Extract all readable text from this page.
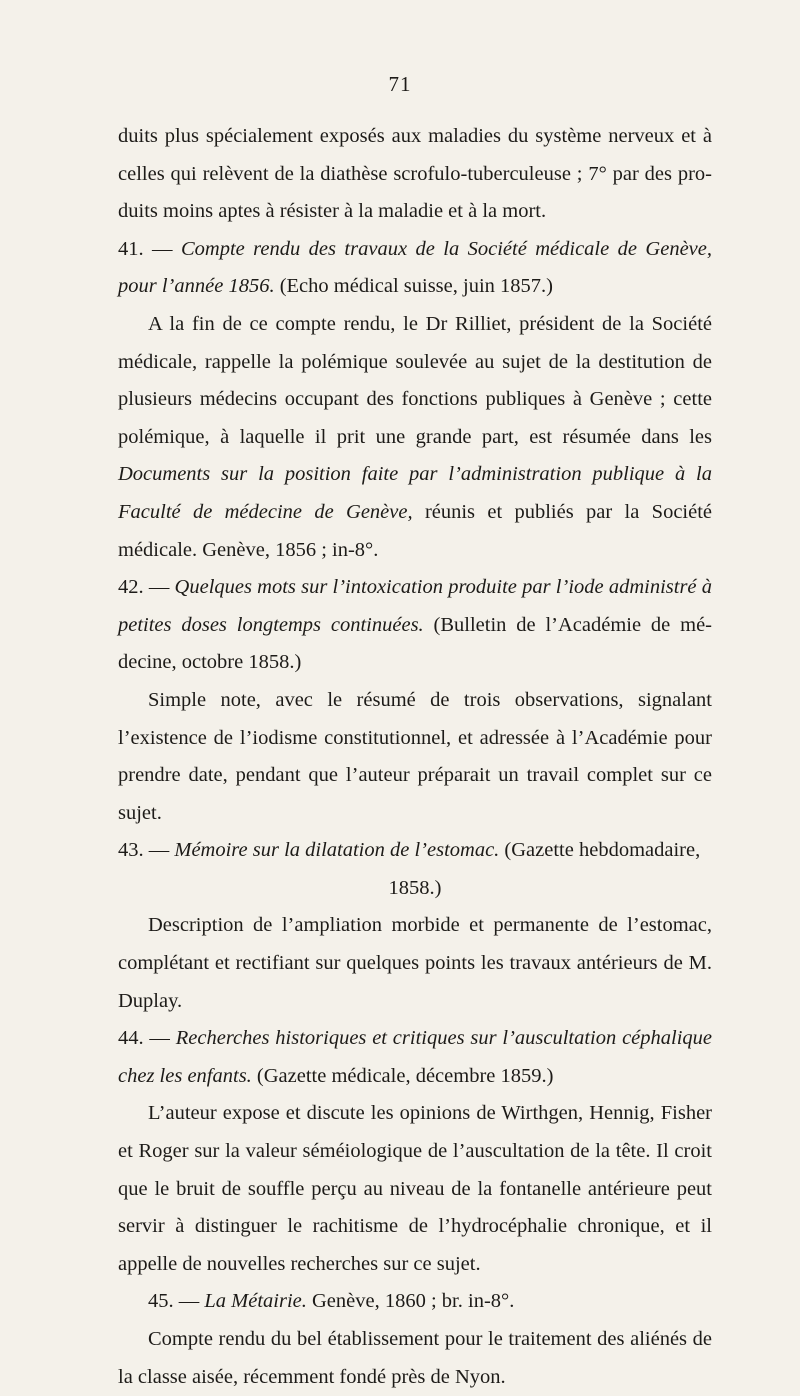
71

duits plus spécialement exposés aux maladies du système nerveux et à celles qui relèvent de la diathèse scrofulo-tuberculeuse ; 7° par des produits moins aptes à résister à la maladie et à la mort.

41. — Compte rendu des travaux de la Société médicale de Genève, pour l’année 1856. (Echo médical suisse, juin 1857.)

A la fin de ce compte rendu, le Dr Rilliet, président de la Société médicale, rappelle la polémique soulevée au sujet de la destitution de plusieurs médecins occupant des fonctions publiques à Genève ; cette polémique, à laquelle il prit une grande part, est résumée dans les Documents sur la position faite par l’administration publique à la Faculté de médecine de Genève, réunis et publiés par la Société médicale. Genève, 1856 ; in-8°.

42. — Quelques mots sur l’intoxication produite par l’iode administré à petites doses longtemps continuées. (Bulletin de l’Académie de médecine, octobre 1858.)

Simple note, avec le résumé de trois observations, signalant l’existence de l’iodisme constitutionnel, et adressée à l’Académie pour prendre date, pendant que l’auteur préparait un travail complet sur ce sujet.

43. — Mémoire sur la dilatation de l’estomac. (Gazette hebdomadaire,

1858.)

Description de l’ampliation morbide et permanente de l’estomac, complétant et rectifiant sur quelques points les travaux antérieurs de M. Duplay.

44. — Recherches historiques et critiques sur l’auscultation céphalique chez les enfants. (Gazette médicale, décembre 1859.)

L’auteur expose et discute les opinions de Wirthgen, Hennig, Fisher et Roger sur la valeur séméiologique de l’auscultation de la tête. Il croit que le bruit de souffle perçu au niveau de la fontanelle antérieure peut servir à distinguer le rachitisme de l’hydrocéphalie chronique, et il appelle de nouvelles recherches sur ce sujet.

45. — La Métairie. Genève, 1860 ; br. in-8°.

Compte rendu du bel établissement pour le traitement des aliénés de la classe aisée, récemment fondé près de Nyon.
